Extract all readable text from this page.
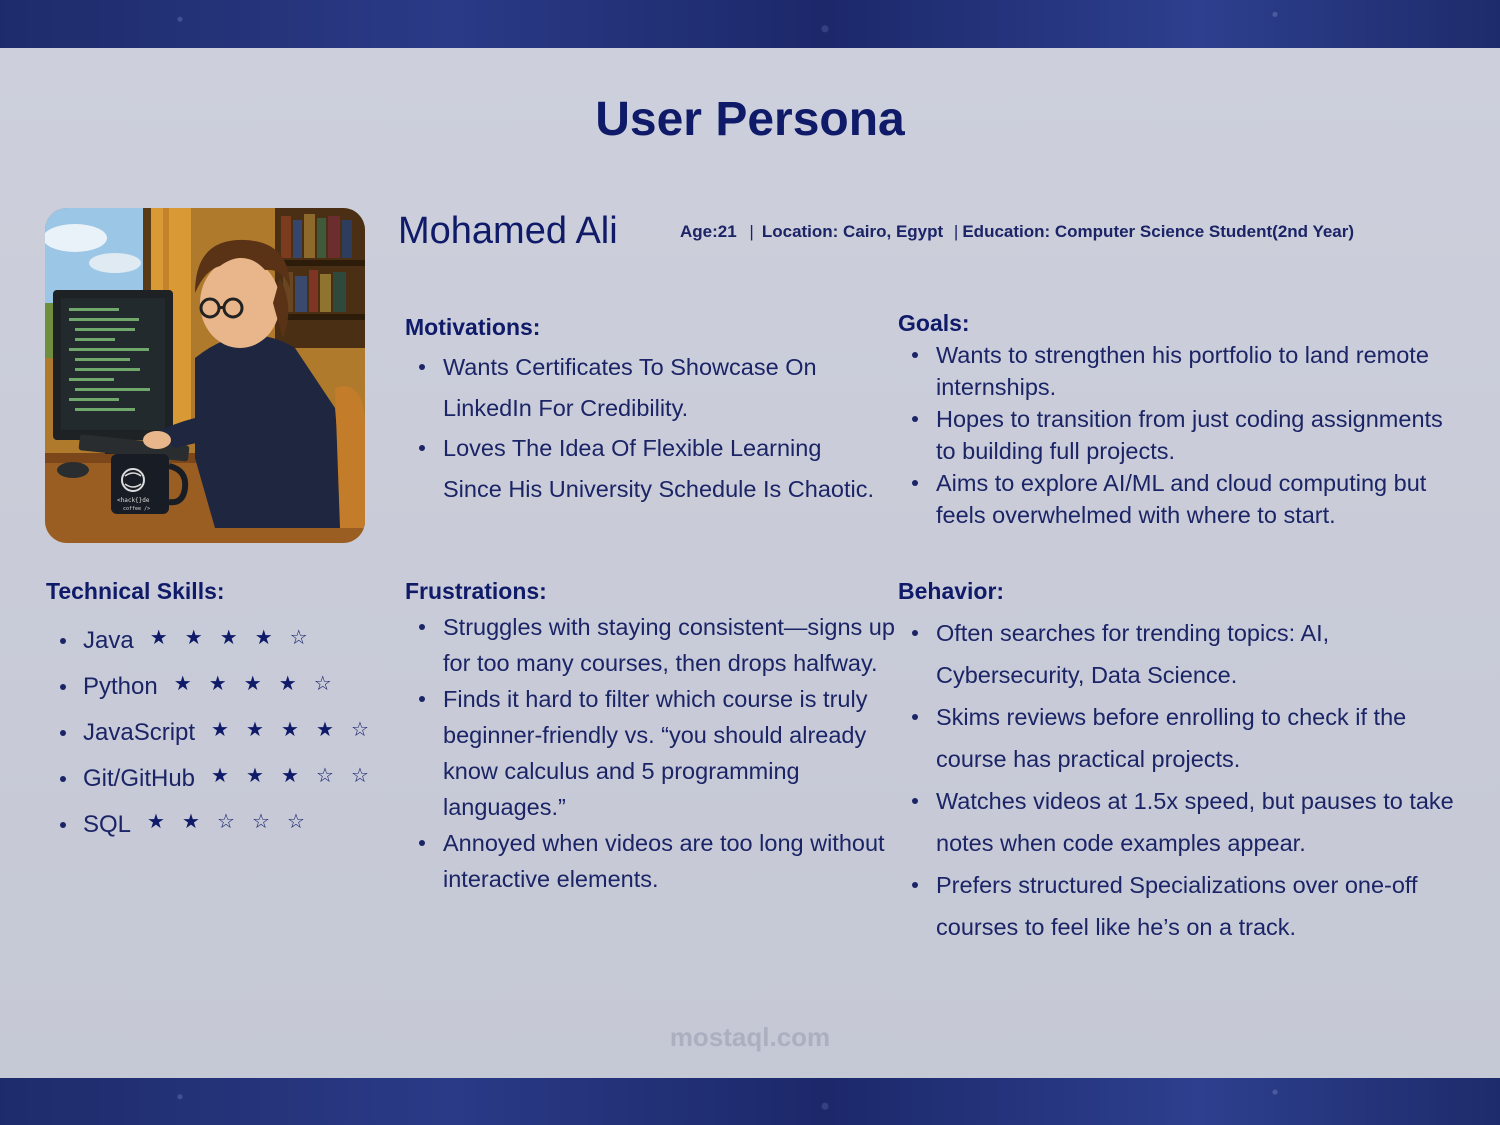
User Persona
<hack{}de
coffee />
Mohamed Ali	Age:21 | Location: Cairo, Egypt | Education: Computer Science Student(2nd Year)
Motivations:
Wants Certificates To Showcase On LinkedIn For Credibility.
Loves The Idea Of Flexible Learning Since His University Schedule Is Chaotic.
Goals:
Wants to strengthen his portfolio to land remote internships.
Hopes to transition from just coding assignments to building full projects.
Aims to explore AI/ML and cloud computing but feels overwhelmed with where to start.
Technical Skills:
Java ★ ★ ★ ★ ☆
Python ★ ★ ★ ★ ☆
JavaScript ★ ★ ★ ★ ☆
Git/GitHub ★ ★ ★ ☆ ☆
SQL ★ ★ ☆ ☆ ☆
Frustrations:
Struggles with staying consistent—signs up for too many courses, then drops halfway.
Finds it hard to filter which course is truly beginner-friendly vs. “you should already know calculus and 5 programming languages.”
Annoyed when videos are too long without interactive elements.
Behavior:
Often searches for trending topics: AI, Cybersecurity, Data Science.
Skims reviews before enrolling to check if the course has practical projects.
Watches videos at 1.5x speed, but pauses to take notes when code examples appear.
Prefers structured Specializations over one-off courses to feel like he’s on a track.
mostaql.com
